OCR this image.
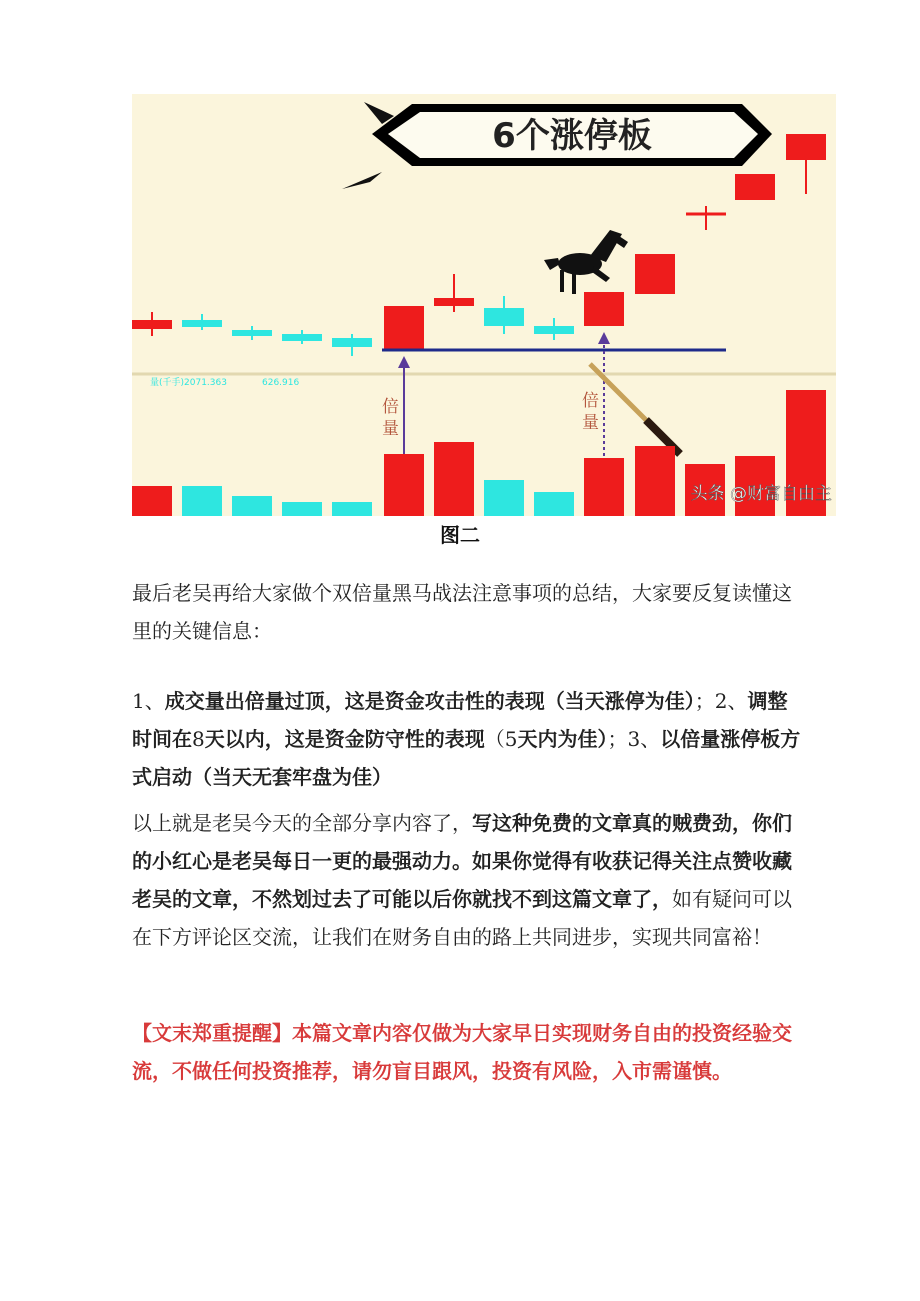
6个涨停板
量(千手)2071.363	626.916
倍 量
倍 量
头条 @财富自由主
图二
最后老吴再给大家做个双倍量黑马战法注意事项的总结，大家要反复读懂这里的关键信息：
1、成交量出倍量过顶，这是资金攻击性的表现（当天涨停为佳）；2、调整时间在8天以内，这是资金防守性的表现（5天内为佳）；3、以倍量涨停板方式启动（当天无套牢盘为佳）
以上就是老吴今天的全部分享内容了，写这种免费的文章真的贼费劲，你们的小红心是老吴每日一更的最强动力。如果你觉得有收获记得关注点赞收藏老吴的文章，不然划过去了可能以后你就找不到这篇文章了，如有疑问可以在下方评论区交流，让我们在财务自由的路上共同进步，实现共同富裕！
【文末郑重提醒】本篇文章内容仅做为大家早日实现财务自由的投资经验交流，不做任何投资推荐，请勿盲目跟风，投资有风险，入市需谨慎。
